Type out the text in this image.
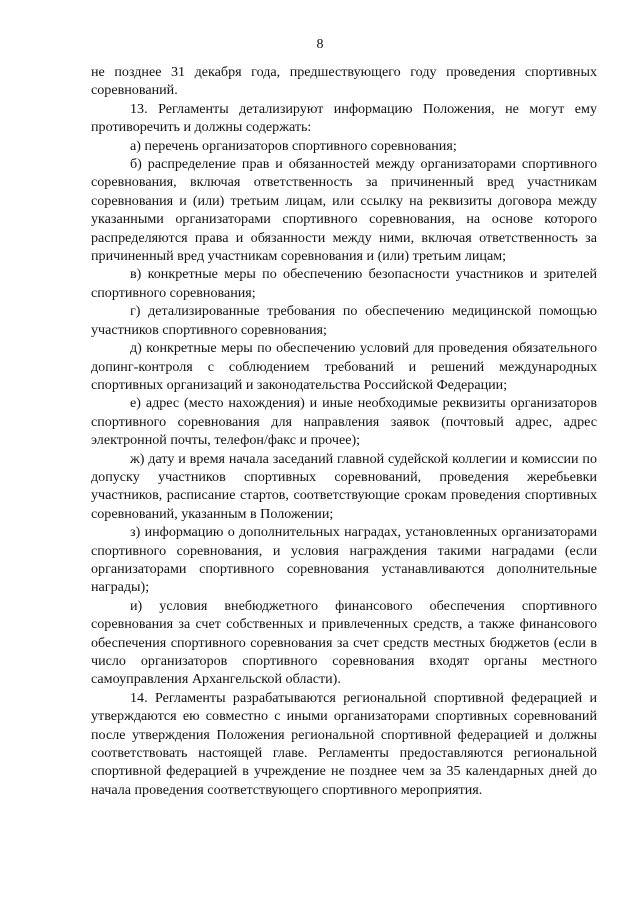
8

не позднее 31 декабря года, предшествующего году проведения спортивных соревнований.

13. Регламенты детализируют информацию Положения, не могут ему противоречить и должны содержать:

а) перечень организаторов спортивного соревнования;

б) распределение прав и обязанностей между организаторами спортивного соревнования, включая ответственность за причиненный вред участникам соревнования и (или) третьим лицам, или ссылку на реквизиты договора между указанными организаторами спортивного соревнования, на основе которого распределяются права и обязанности между ними, включая ответственность за причиненный вред участникам соревнования и (или) третьим лицам;

в) конкретные меры по обеспечению безопасности участников и зрителей спортивного соревнования;

г) детализированные требования по обеспечению медицинской помощью участников спортивного соревнования;

д) конкретные меры по обеспечению условий для проведения обязательного допинг-контроля с соблюдением требований и решений международных спортивных организаций и законодательства Российской Федерации;

е) адрес (место нахождения) и иные необходимые реквизиты организаторов спортивного соревнования для направления заявок (почтовый адрес, адрес электронной почты, телефон/факс и прочее);

ж) дату и время начала заседаний главной судейской коллегии и комиссии по допуску участников спортивных соревнований, проведения жеребьевки участников, расписание стартов, соответствующие срокам проведения спортивных соревнований, указанным в Положении;

з) информацию о дополнительных наградах, установленных организаторами спортивного соревнования, и условия награждения такими наградами (если организаторами спортивного соревнования устанавливаются дополнительные награды);

и) условия внебюджетного финансового обеспечения спортивного соревнования за счет собственных и привлеченных средств, а также финансового обеспечения спортивного соревнования за счет средств местных бюджетов (если в число организаторов спортивного соревнования входят органы местного самоуправления Архангельской области).

14. Регламенты разрабатываются региональной спортивной федерацией и утверждаются ею совместно с иными организаторами спортивных соревнований после утверждения Положения региональной спортивной федерацией и должны соответствовать настоящей главе. Регламенты предоставляются региональной спортивной федерацией в учреждение не позднее чем за 35 календарных дней до начала проведения соответствующего спортивного мероприятия.
